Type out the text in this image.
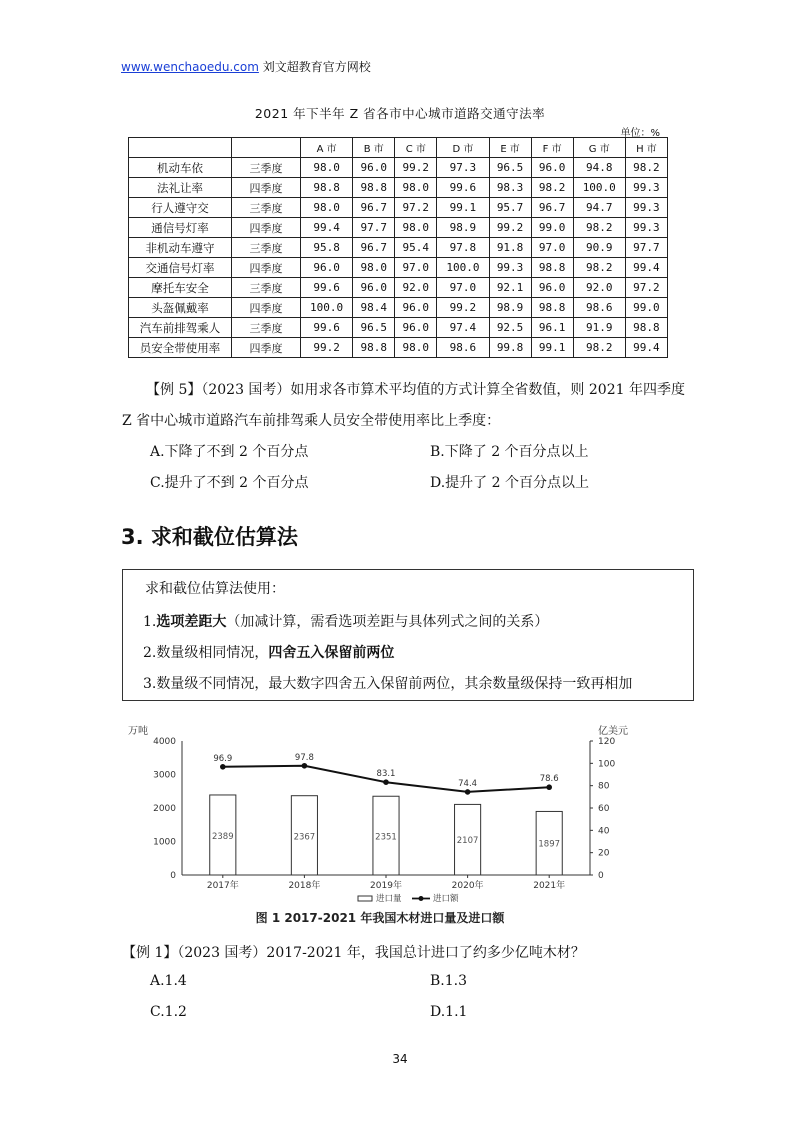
www.wenchaoedu.com 刘文超教育官方网校
2021 年下半年 Z 省各市中心城市道路交通守法率
单位：%
		A 市	B 市	C 市	D 市	E 市	F 市	G 市	H 市
机动车依	三季度	98.0	96.0	99.2	97.3	96.5	96.0	94.8	98.2
法礼让率	四季度	98.8	98.8	98.0	99.6	98.3	98.2	100.0	99.3
行人遵守交	三季度	98.0	96.7	97.2	99.1	95.7	96.7	94.7	99.3
通信号灯率	四季度	99.4	97.7	98.0	98.9	99.2	99.0	98.2	99.3
非机动车遵守	三季度	95.8	96.7	95.4	97.8	91.8	97.0	90.9	97.7
交通信号灯率	四季度	96.0	98.0	97.0	100.0	99.3	98.8	98.2	99.4
摩托车安全	三季度	99.6	96.0	92.0	97.0	92.1	96.0	92.0	97.2
头盔佩戴率	四季度	100.0	98.4	96.0	99.2	98.9	98.8	98.6	99.0
汽车前排驾乘人	三季度	99.6	96.5	96.0	97.4	92.5	96.1	91.9	98.8
员安全带使用率	四季度	99.2	98.8	98.0	98.6	99.8	99.1	98.2	99.4
【例 5】（2023 国考）如用求各市算术平均值的方式计算全省数值，则 2021 年四季度
Z 省中心城市道路汽车前排驾乘人员安全带使用率比上季度：
A.下降了不到 2 个百分点	B.下降了 2 个百分点以上
C.提升了不到 2 个百分点	D.提升了 2 个百分点以上
3. 求和截位估算法
求和截位估算法使用：
1.选项差距大（加减计算，需看选项差距与具体列式之间的关系）
2.数量级相同情况，四舍五入保留前两位
3.数量级不同情况，最大数字四舍五入保留前两位，其余数量级保持一致再相加
万吨	亿美元
0
1000
2000
3000
4000
0
20
40
60
80
100
120
2389	2367	2351	2107	1897
2017年	2018年	2019年	2020年	2021年
96.9	97.8
83.1
74.4	78.6
进口量	进口额
图 1 2017-2021 年我国木材进口量及进口额
【例 1】（2023 国考）2017-2021 年，我国总计进口了约多少亿吨木材？
A.1.4	B.1.3
C.1.2	D.1.1
34
